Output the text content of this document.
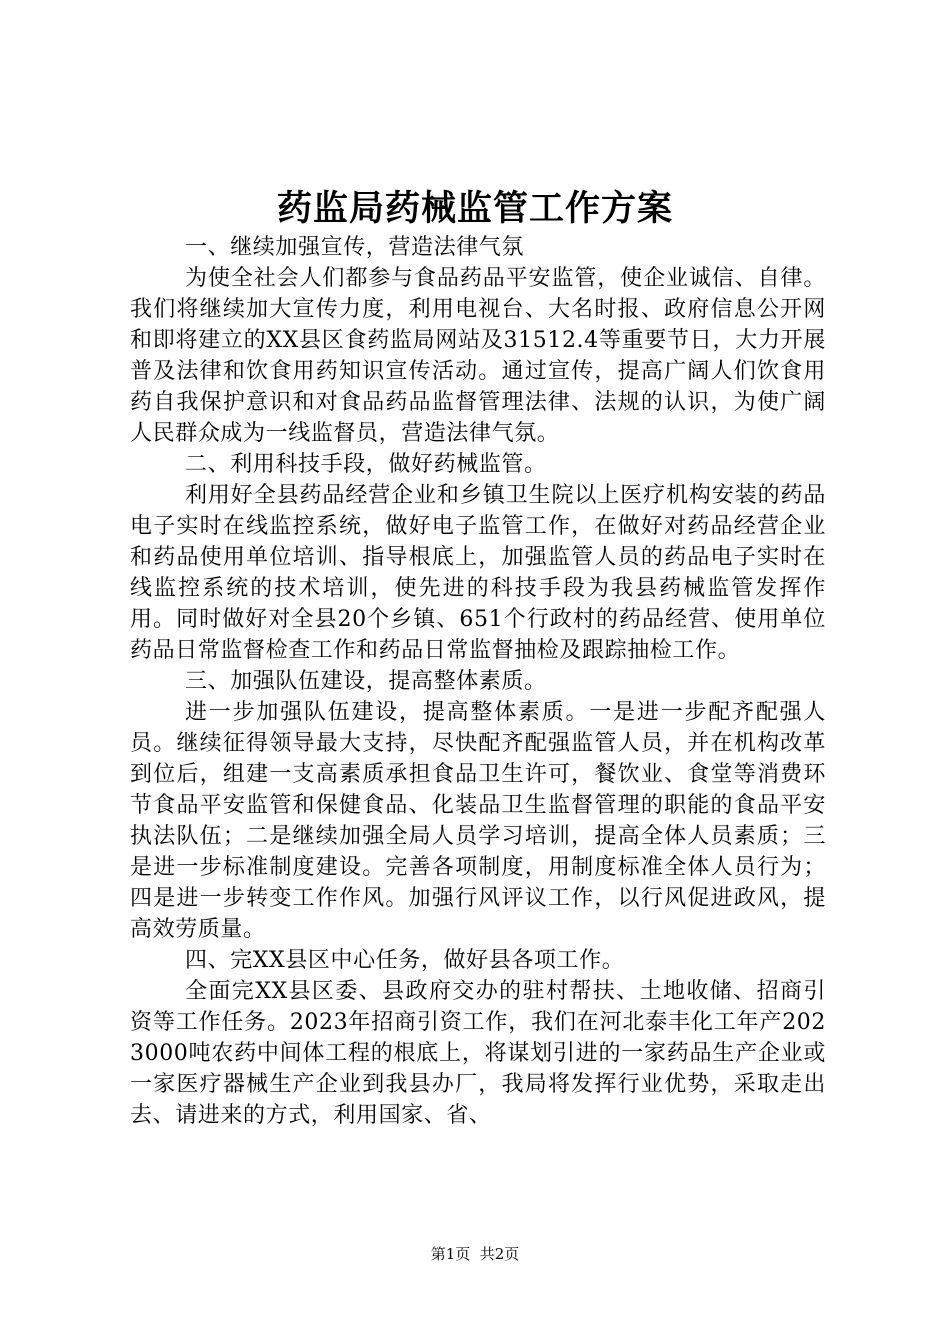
药监局药械监管工作方案

一、继续加强宣传，营造法律气氛

为使全社会人们都参与食品药品平安监管，使企业诚信、自律。我们将继续加大宣传力度，利用电视台、大名时报、政府信息公开网和即将建立的XX县区食药监局网站及31512.4等重要节日，大力开展普及法律和饮食用药知识宣传活动。通过宣传，提高广阔人们饮食用药自我保护意识和对食品药品监督管理法律、法规的认识，为使广阔人民群众成为一线监督员，营造法律气氛。

二、利用科技手段，做好药械监管。

利用好全县药品经营企业和乡镇卫生院以上医疗机构安装的药品电子实时在线监控系统，做好电子监管工作，在做好对药品经营企业和药品使用单位培训、指导根底上，加强监管人员的药品电子实时在线监控系统的技术培训，使先进的科技手段为我县药械监管发挥作用。同时做好对全县20个乡镇、651个行政村的药品经营、使用单位药品日常监督检查工作和药品日常监督抽检及跟踪抽检工作。

三、加强队伍建设，提高整体素质。

进一步加强队伍建设，提高整体素质。一是进一步配齐配强人员。继续征得领导最大支持，尽快配齐配强监管人员，并在机构改革到位后，组建一支高素质承担食品卫生许可，餐饮业、食堂等消费环节食品平安监管和保健食品、化装品卫生监督管理的职能的食品平安执法队伍；二是继续加强全局人员学习培训，提高全体人员素质；三是进一步标准制度建设。完善各项制度，用制度标准全体人员行为；四是进一步转变工作作风。加强行风评议工作，以行风促进政风，提高效劳质量。

四、完XX县区中心任务，做好县各项工作。

全面完XX县区委、县政府交办的驻村帮扶、土地收储、招商引资等工作任务。2023年招商引资工作，我们在河北泰丰化工年产2023000吨农药中间体工程的根底上，将谋划引进的一家药品生产企业或一家医疗器械生产企业到我县办厂，我局将发挥行业优势，采取走出去、请进来的方式，利用国家、省、

第1页  共2页
